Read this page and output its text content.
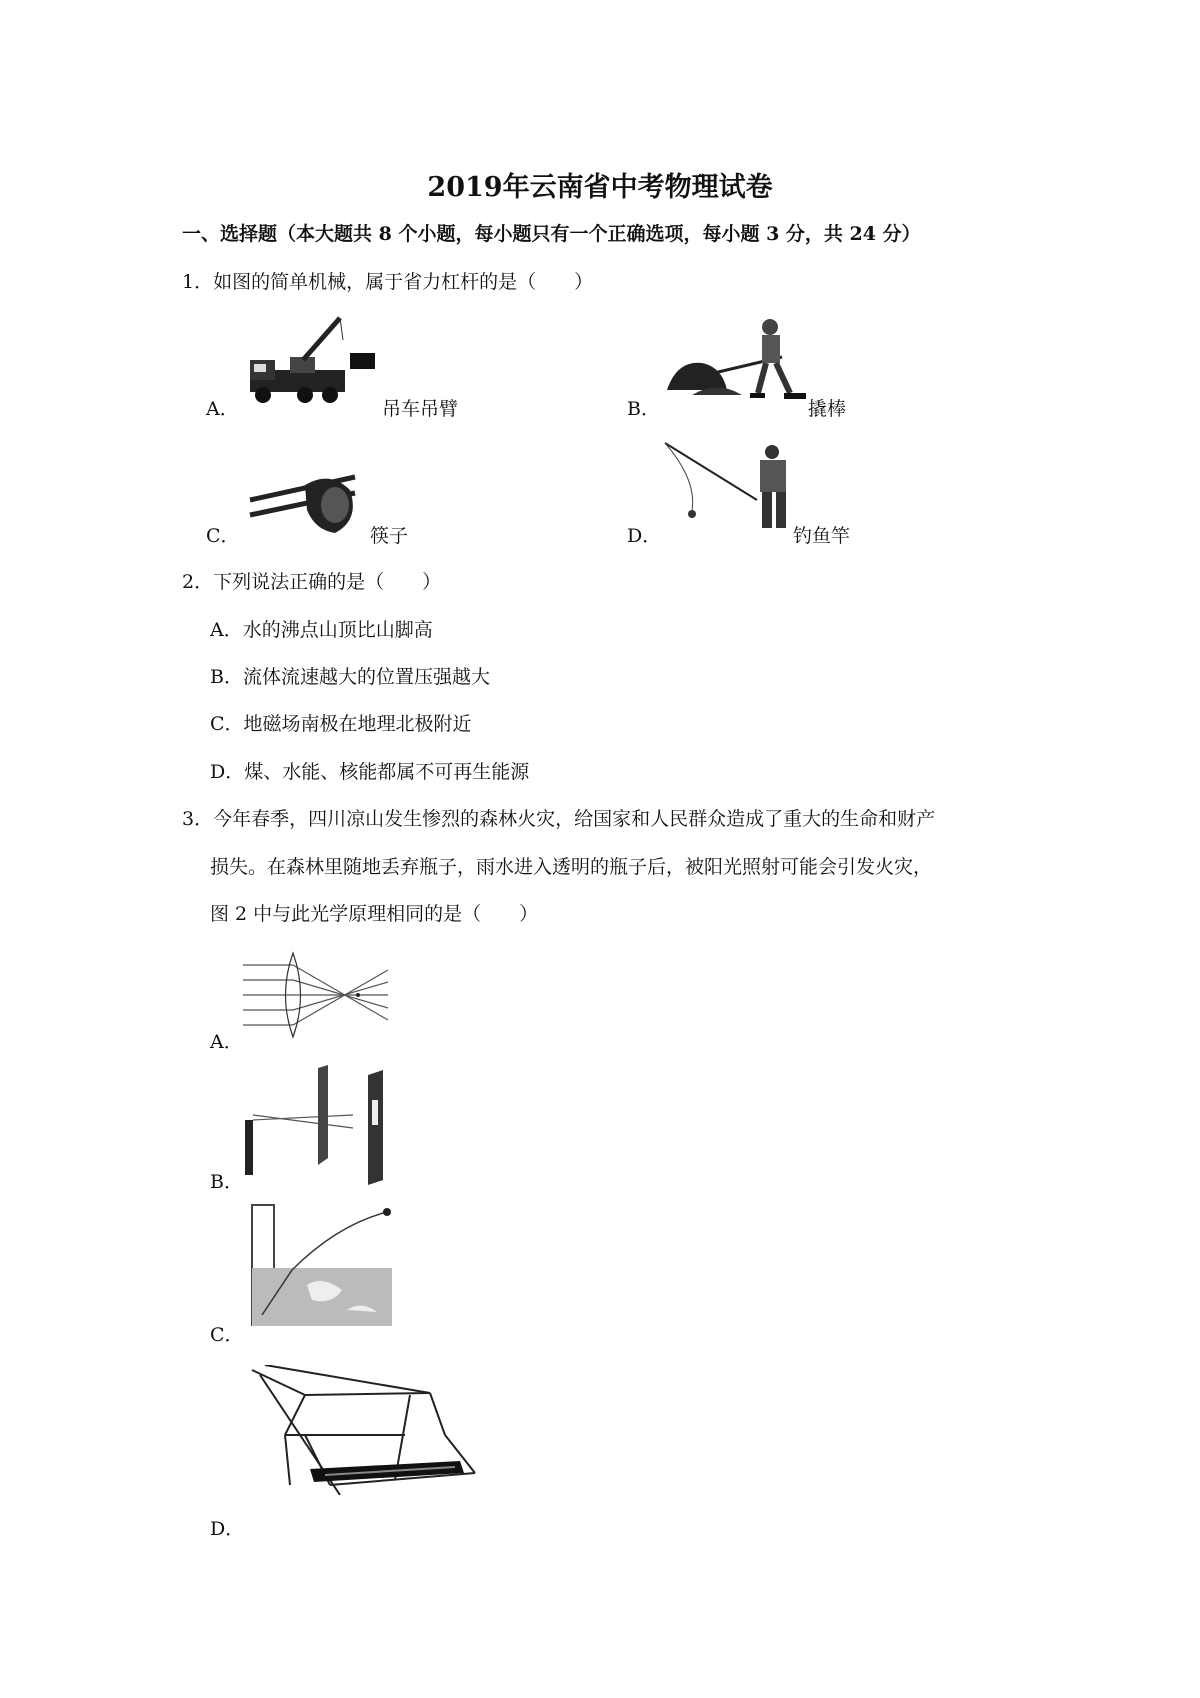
2019年云南省中考物理试卷
一、选择题（本大题共 8 个小题，每小题只有一个正确选项，每小题 3 分，共 24 分）
1．如图的简单机械，属于省力杠杆的是（　　）
A．	吊车吊臂	B．	撬棒
C．	筷子	D．	钓鱼竿
2．下列说法正确的是（　　）
A．水的沸点山顶比山脚高
B．流体流速越大的位置压强越大
C．地磁场南极在地理北极附近
D．煤、水能、核能都属不可再生能源
3．今年春季，四川凉山发生惨烈的森林火灾，给国家和人民群众造成了重大的生命和财产
损失。在森林里随地丢弃瓶子，雨水进入透明的瓶子后，被阳光照射可能会引发火灾，
图 2 中与此光学原理相同的是（　　）
A．
B．
C．
D．
